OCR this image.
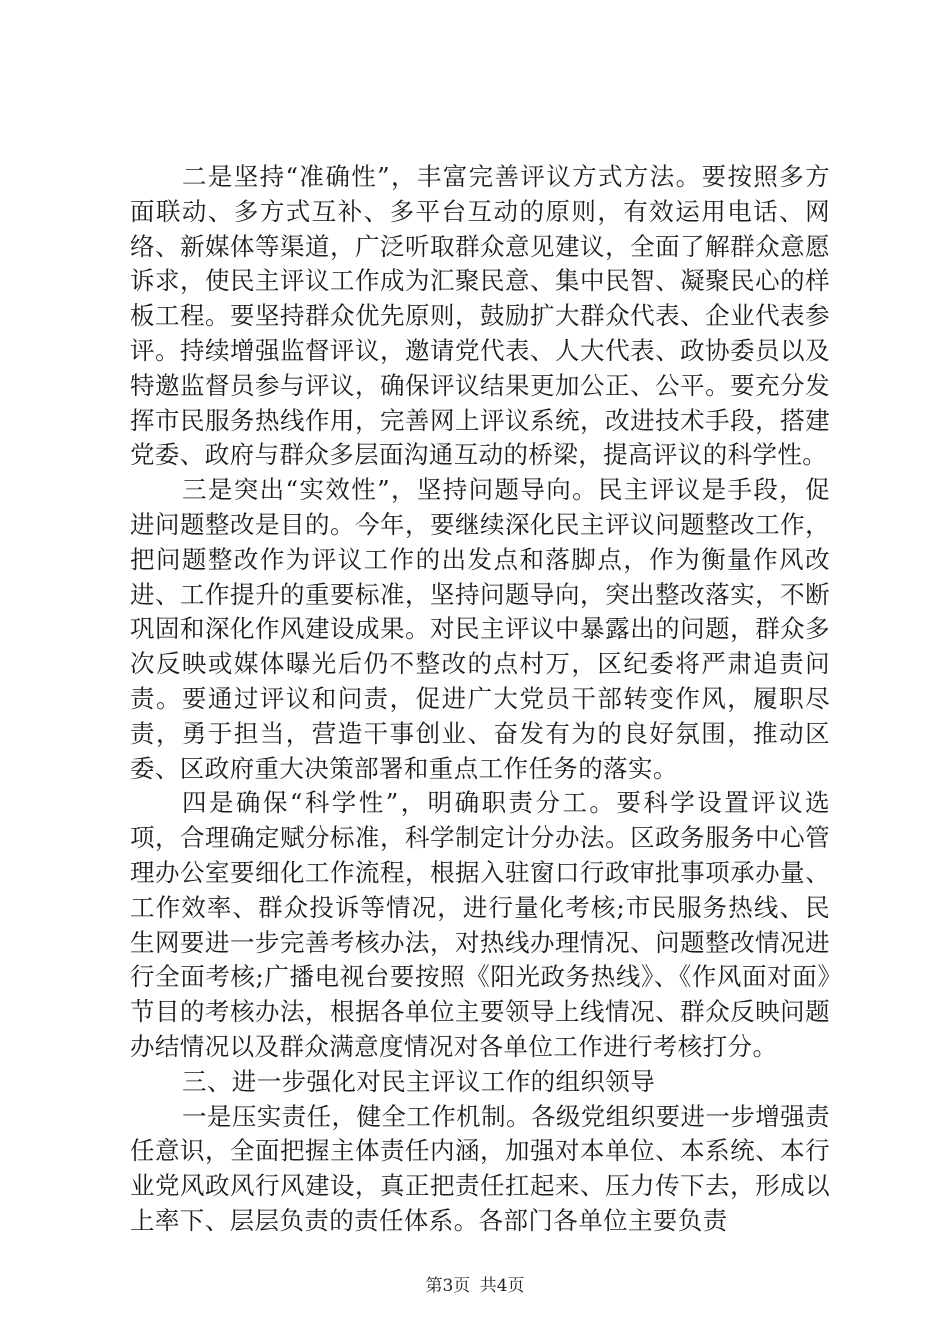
二是坚持“准确性”，丰富完善评议方式方法。要按照多方面联动、多方式互补、多平台互动的原则，有效运用电话、网络、新媒体等渠道，广泛听取群众意见建议，全面了解群众意愿诉求，使民主评议工作成为汇聚民意、集中民智、凝聚民心的样板工程。要坚持群众优先原则，鼓励扩大群众代表、企业代表参评。持续增强监督评议，邀请党代表、人大代表、政协委员以及特邀监督员参与评议，确保评议结果更加公正、公平。要充分发挥市民服务热线作用，完善网上评议系统，改进技术手段，搭建党委、政府与群众多层面沟通互动的桥梁，提高评议的科学性。

三是突出“实效性”，坚持问题导向。民主评议是手段，促进问题整改是目的。今年，要继续深化民主评议问题整改工作，把问题整改作为评议工作的出发点和落脚点，作为衡量作风改进、工作提升的重要标准，坚持问题导向，突出整改落实，不断巩固和深化作风建设成果。对民主评议中暴露出的问题，群众多次反映或媒体曝光后仍不整改的点村万，区纪委将严肃追责问责。要通过评议和问责，促进广大党员干部转变作风，履职尽责，勇于担当，营造干事创业、奋发有为的良好氛围，推动区委、区政府重大决策部署和重点工作任务的落实。

四是确保“科学性”，明确职责分工。要科学设置评议选项，合理确定赋分标准，科学制定计分办法。区政务服务中心管理办公室要细化工作流程，根据入驻窗口行政审批事项承办量、工作效率、群众投诉等情况，进行量化考核;市民服务热线、民生网要进一步完善考核办法，对热线办理情况、问题整改情况进行全面考核;广播电视台要按照《阳光政务热线》、《作风面对面》节目的考核办法，根据各单位主要领导上线情况、群众反映问题办结情况以及群众满意度情况对各单位工作进行考核打分。

三、进一步强化对民主评议工作的组织领导

一是压实责任，健全工作机制。各级党组织要进一步增强责任意识，全面把握主体责任内涵，加强对本单位、本系统、本行业党风政风行风建设，真正把责任扛起来、压力传下去，形成以上率下、层层负责的责任体系。各部门各单位主要负责

第3页 共4页
